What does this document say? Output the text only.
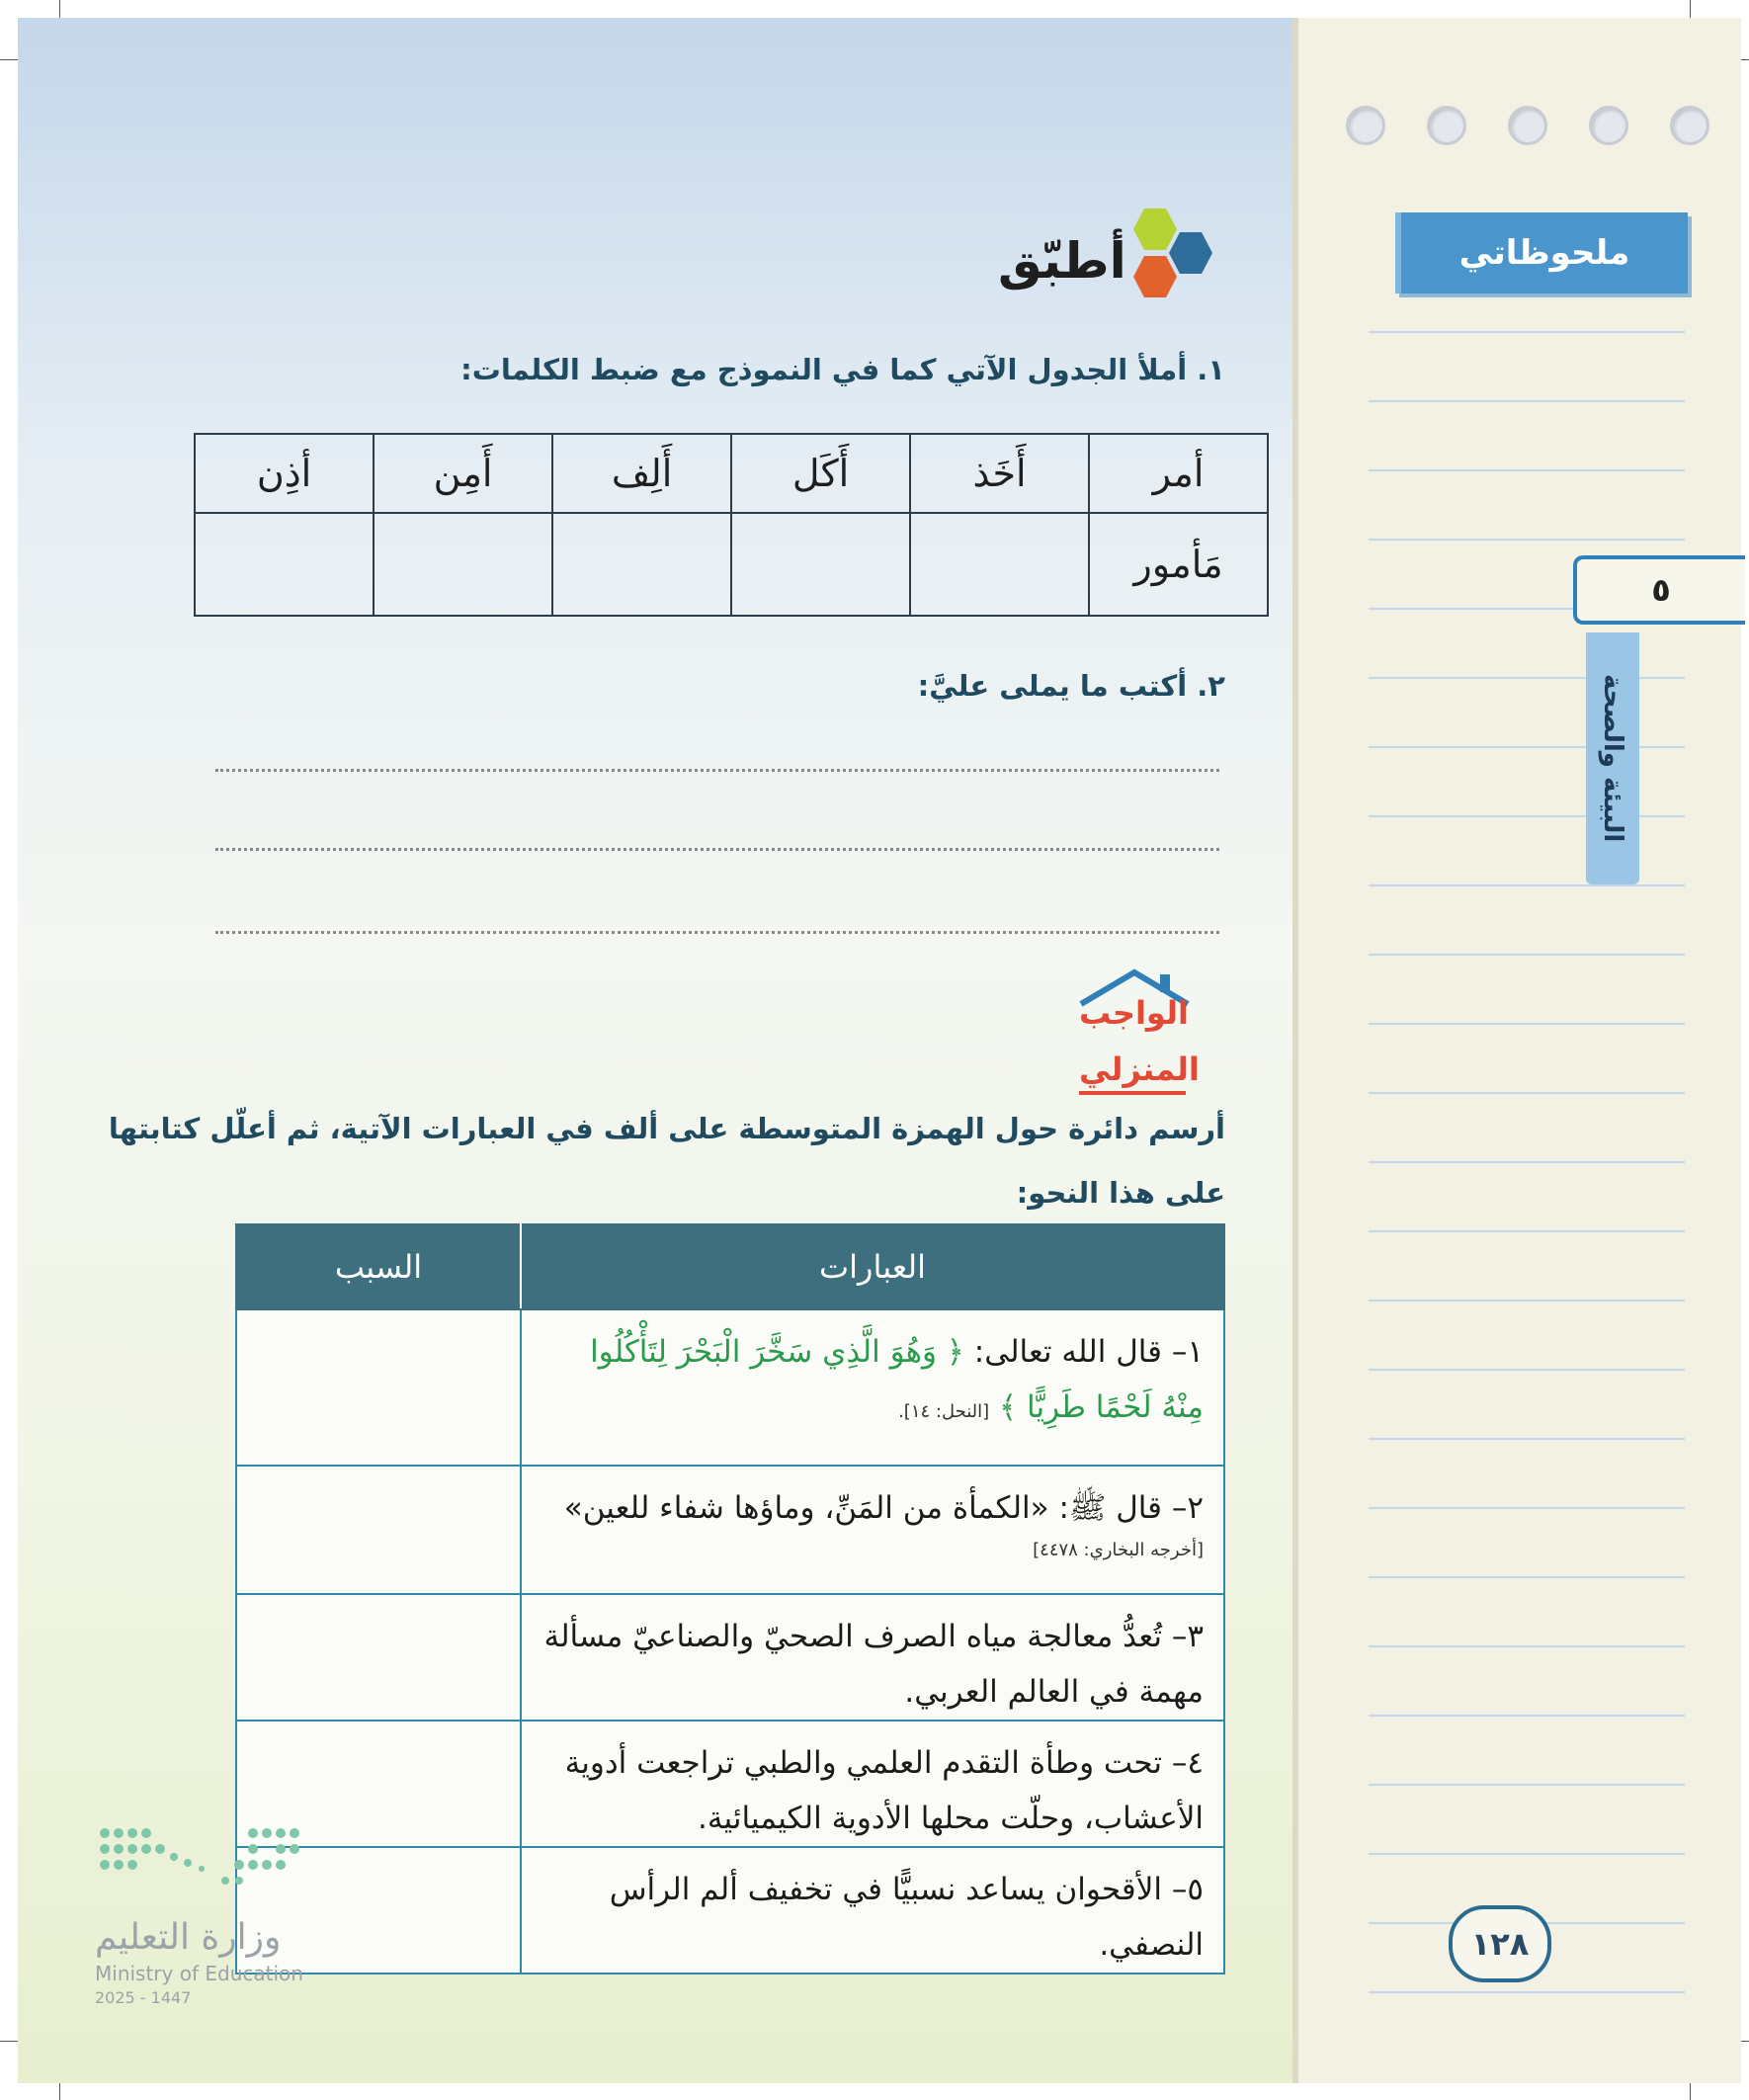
ملحوظاتي
٥
البيئة والصحة
١٢٨
أطبّق
١. أملأ الجدول الآتي كما في النموذج مع ضبط الكلمات:
أمر	أَخَذ	أَكَل	أَلِف	أَمِن	أذِن
مَأمور					
٢. أكتب ما يملى عليَّ:
الواجب
المنزلي
أرسم دائرة حول الهمزة المتوسطة على ألف في العبارات الآتية، ثم أعلّل كتابتها
على هذا النحو:
العبارات	السبب
١– قال الله تعالى: ﴿ وَهُوَ الَّذِي سَخَّرَ الْبَحْرَ لِتَأْكُلُوا مِنْهُ لَحْمًا طَرِيًّا ﴾ [النحل: ١٤].	

٢– قال ﷺ: «الكمأة من المَنِّ، وماؤها شفاء للعين»
[أخرجه البخاري: ٤٤٧٨]	

٣– تُعدُّ معالجة مياه الصرف الصحيّ والصناعيّ مسألة مهمة في العالم العربي.	
٤– تحت وطأة التقدم العلمي والطبي تراجعت أدوية الأعشاب، وحلّت محلها الأدوية الكيميائية.	
٥– الأقحوان يساعد نسبيًّا في تخفيف ألم الرأس النصفي.	
وزارة التعليم
Ministry of Education
2025 - 1447
